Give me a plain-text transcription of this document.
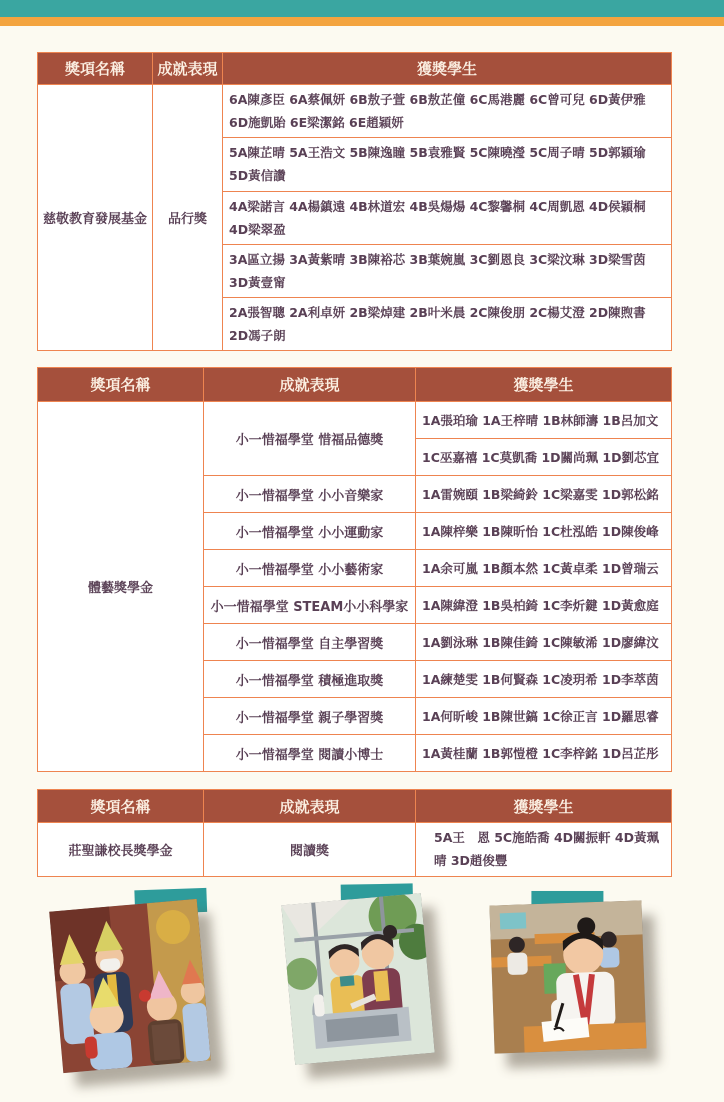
獎項名稱	成就表現	獲獎學生
慈敬教育發展基金	品行獎	6A陳彥臣 6A蔡佩妍 6B敖子萱 6B敖芷僮 6C馬港麗 6C曾可兒 6D黃伊雅 6D施凱貽 6E梁潔銘 6E趙穎妍
		5A陳芷晴 5A王浩文 5B陳逸瞳 5B袁雅賢 5C陳曉瀅 5C周子晴 5D郭穎瑜 5D黃信讚
		4A梁諾言 4A楊鎮遠 4B林道宏 4B吳煬煬 4C黎馨桐 4C周凱恩 4D侯穎桐 4D梁翠盈
		3A區立揚 3A黃紫晴 3B陳裕芯 3B葉婉嵐 3C劉恩良 3C梁汶琳 3D梁雪茵 3D黃壹甯
		2A張智聰 2A利卓妍 2B梁焯建 2B叶米晨 2C陳俊朋 2C楊艾澄 2D陳煦書 2D馮子朗
獎項名稱	成就表現	獲獎學生
體藝獎學金	小一惜福學堂 惜福品德獎	1A張珀瑜 1A王梓晴 1B林師濤 1B呂加文
		1C巫嘉禧 1C莫凱喬 1D關尚珮 1D劉芯宜
	小一惜福學堂 小小音樂家	1A雷婉頤 1B梁綺鈴 1C梁嘉雯 1D郭松銘
	小一惜福學堂 小小運動家	1A陳梓樂 1B陳昕怡 1C杜泓皓 1D陳俊峰
	小一惜福學堂 小小藝術家	1A余可嵐 1B顏本然 1C黃卓柔 1D曾瑞云
	小一惜福學堂 STEAM小小科學家	1A陳緯澄 1B吳柏錡 1C李炘鍵 1D黃愈庭
	小一惜福學堂 自主學習獎	1A劉泳琳 1B陳佳錡 1C陳敏浠 1D廖緯汶
	小一惜福學堂 積極進取獎	1A練楚雯 1B何賢森 1C凌玥希 1D李萃茵
	小一惜福學堂 親子學習獎	1A何昕峻 1B陳世鎬 1C徐正言 1D羅思睿
	小一惜福學堂 閱讀小博士	1A黃桂蘭 1B郭愷橙 1C李梓銘 1D呂芷彤
獎項名稱	成就表現	獲獎學生
莊聖謙校長獎學金	閱讀獎	5A王　恩 5C施皓喬 4D關振軒 4D黃珮晴 3D趙俊豐
